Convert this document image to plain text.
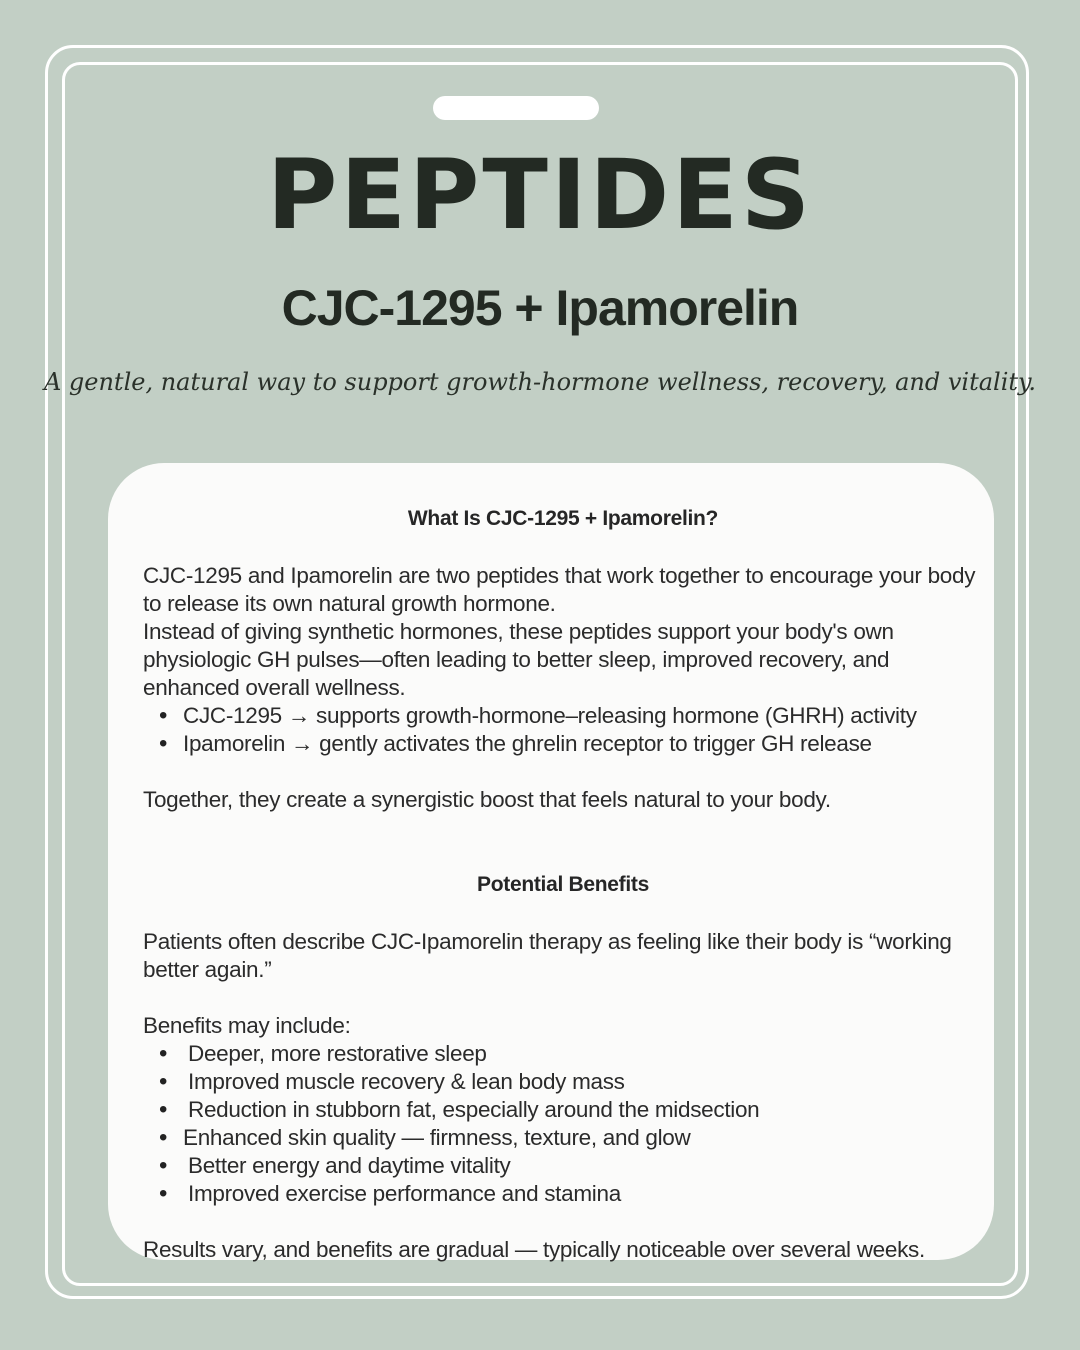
PEPTIDES
CJC-1295 + Ipamorelin

A gentle, natural way to support growth-hormone wellness, recovery, and vitality.

What Is CJC-1295 + Ipamorelin?

CJC-1295 and Ipamorelin are two peptides that work together to encourage your body to release its own natural growth hormone.

Instead of giving synthetic hormones, these peptides support your body's own physiologic GH pulses—often leading to better sleep, improved recovery, and enhanced overall wellness.

• CJC-1295 → supports growth-hormone–releasing hormone (GHRH) activity
• Ipamorelin → gently activates the ghrelin receptor to trigger GH release

Together, they create a synergistic boost that feels natural to your body.

Potential Benefits

Patients often describe CJC-Ipamorelin therapy as feeling like their body is “working better again.”

Benefits may include:

• Deeper, more restorative sleep
• Improved muscle recovery & lean body mass
• Reduction in stubborn fat, especially around the midsection
• Enhanced skin quality — firmness, texture, and glow
• Better energy and daytime vitality
• Improved exercise performance and stamina

Results vary, and benefits are gradual — typically noticeable over several weeks.
